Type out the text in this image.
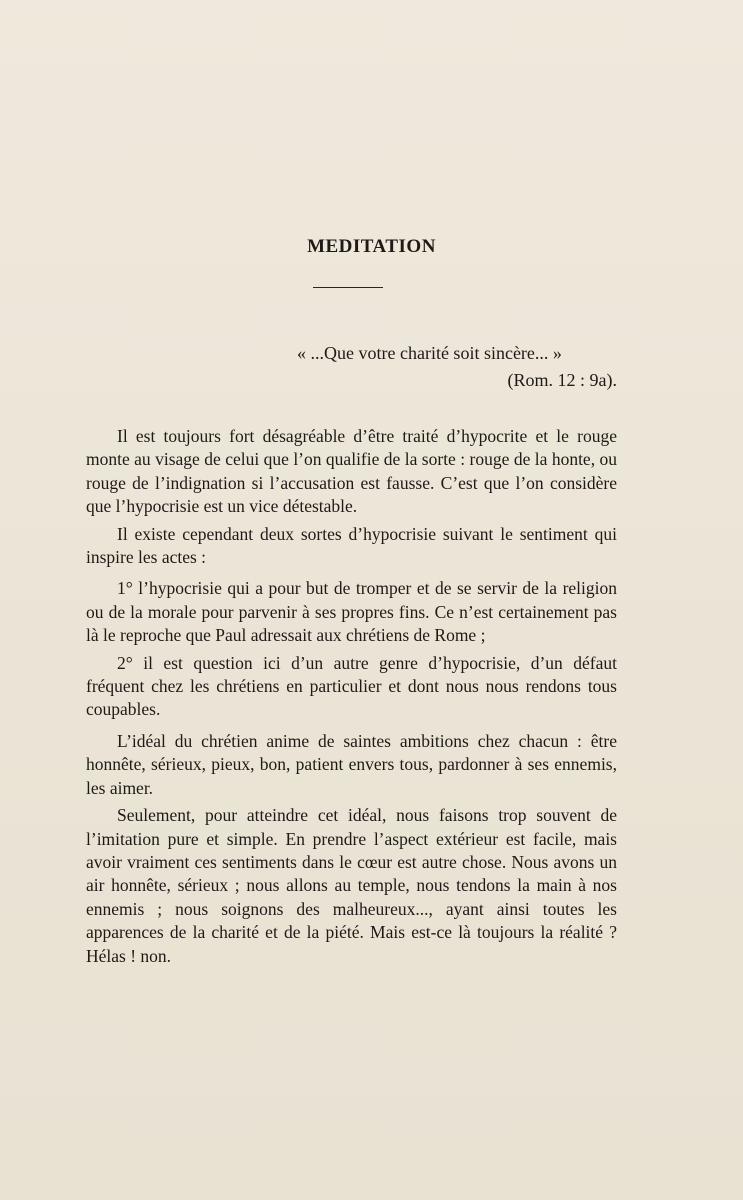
MEDITATION
« ...Que votre charité soit sincère... »
(Rom. 12 : 9a).

Il est toujours fort désagréable d’être traité d’hypocrite et le rouge monte au visage de celui que l’on qualifie de la sorte : rouge de la honte, ou rouge de l’indignation si l’accusation est fausse. C’est que l’on considère que l’hypocrisie est un vice détestable.

Il existe cependant deux sortes d’hypocrisie suivant le sentiment qui inspire les actes :

1° l’hypocrisie qui a pour but de tromper et de se servir de la religion ou de la morale pour parvenir à ses propres fins. Ce n’est certainement pas là le reproche que Paul adressait aux chrétiens de Rome ;

2° il est question ici d’un autre genre d’hypocrisie, d’un défaut fréquent chez les chrétiens en particulier et dont nous nous rendons tous coupables.

L’idéal du chrétien anime de saintes ambitions chez chacun : être honnête, sérieux, pieux, bon, patient envers tous, pardonner à ses ennemis, les aimer.

Seulement, pour atteindre cet idéal, nous faisons trop souvent de l’imitation pure et simple. En prendre l’aspect extérieur est facile, mais avoir vraiment ces sentiments dans le cœur est autre chose. Nous avons un air honnête, sérieux ; nous allons au temple, nous tendons la main à nos ennemis ; nous soignons des malheureux..., ayant ainsi toutes les apparences de la charité et de la piété. Mais est-ce là toujours la réalité ? Hélas ! non.
